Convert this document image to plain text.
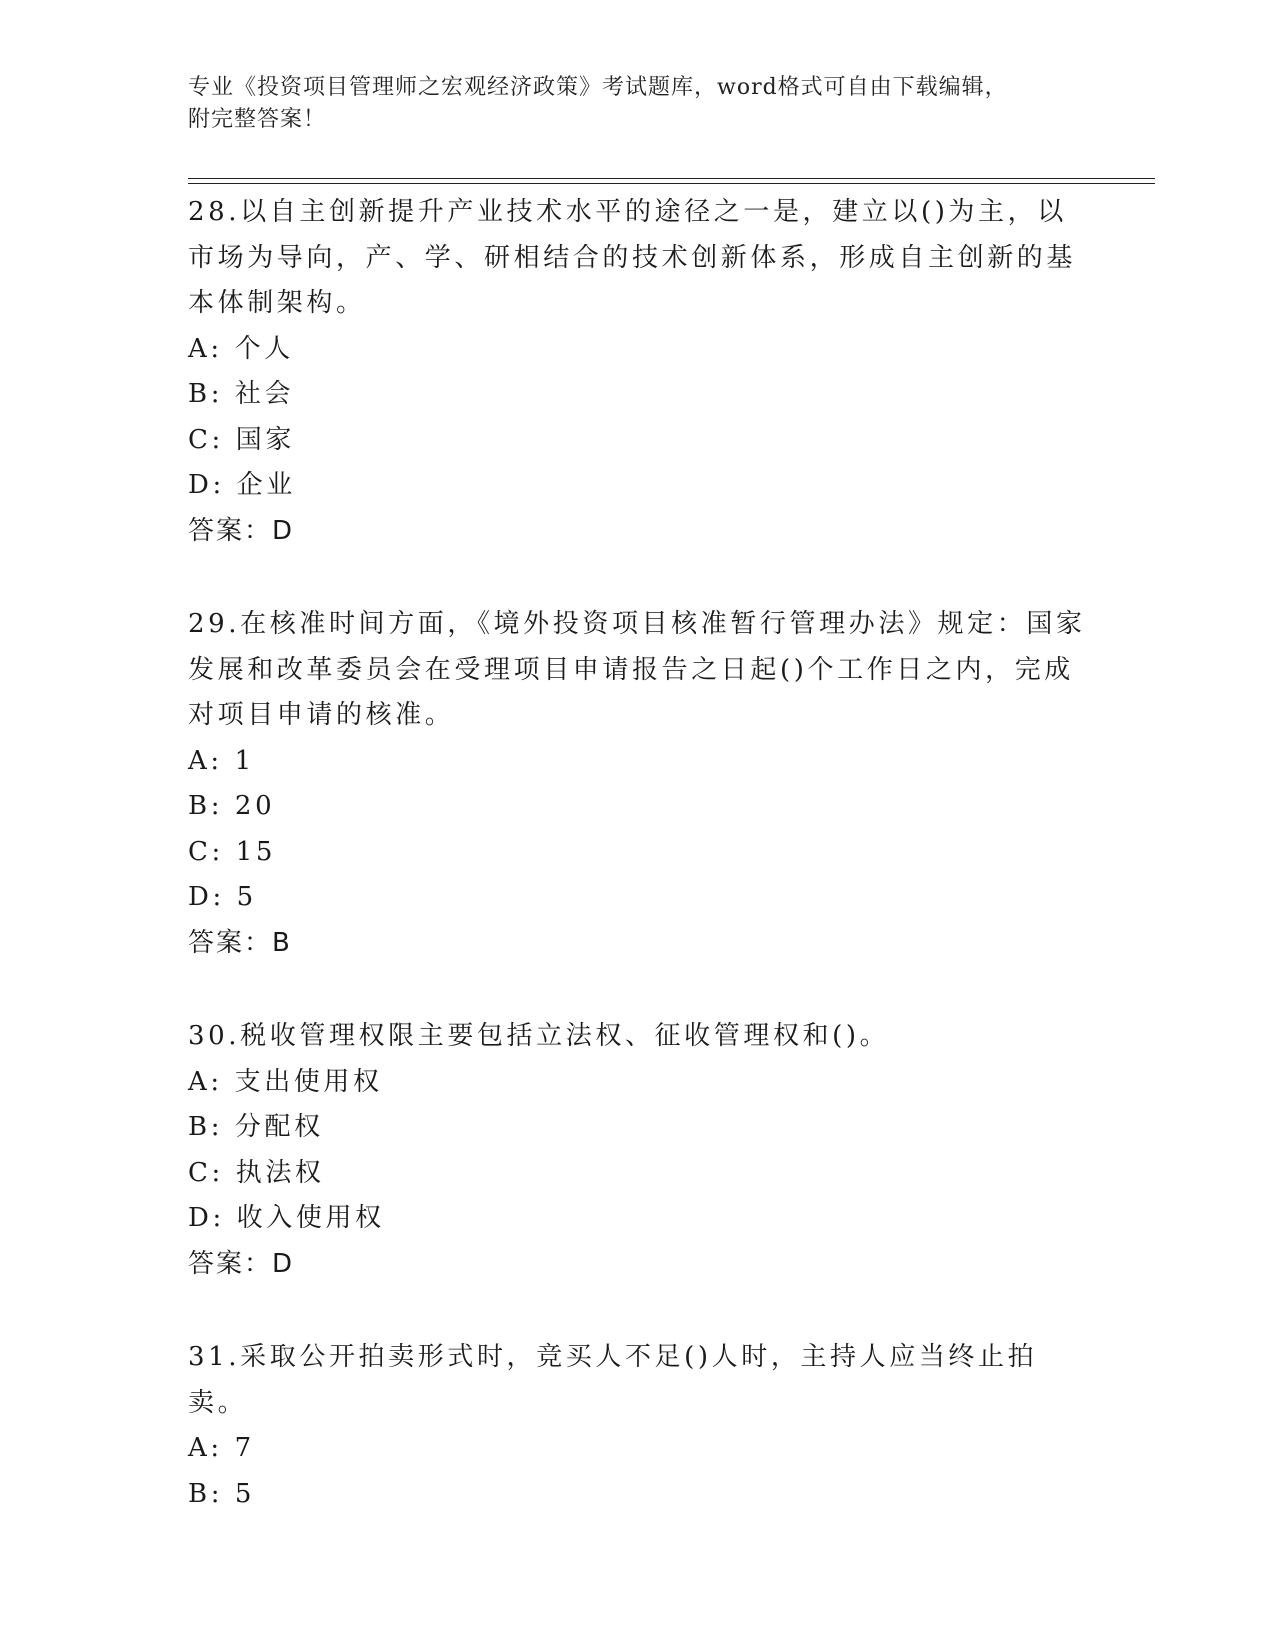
专业《投资项目管理师之宏观经济政策》考试题库，word格式可自由下载编辑，
附完整答案！

28.以自主创新提升产业技术水平的途径之一是，建立以()为主，以市场为导向，产、学、研相结合的技术创新体系，形成自主创新的基本体制架构。

A: 个人

B: 社会

C: 国家

D: 企业

答案：D

29.在核准时间方面，《境外投资项目核准暂行管理办法》规定：国家发展和改革委员会在受理项目申请报告之日起()个工作日之内，完成对项目申请的核准。

A: 1

B: 20

C: 15

D: 5

答案：B

30.税收管理权限主要包括立法权、征收管理权和()。

A: 支出使用权

B: 分配权

C: 执法权

D: 收入使用权

答案：D

31.采取公开拍卖形式时，竞买人不足()人时，主持人应当终止拍卖。

A: 7

B: 5
